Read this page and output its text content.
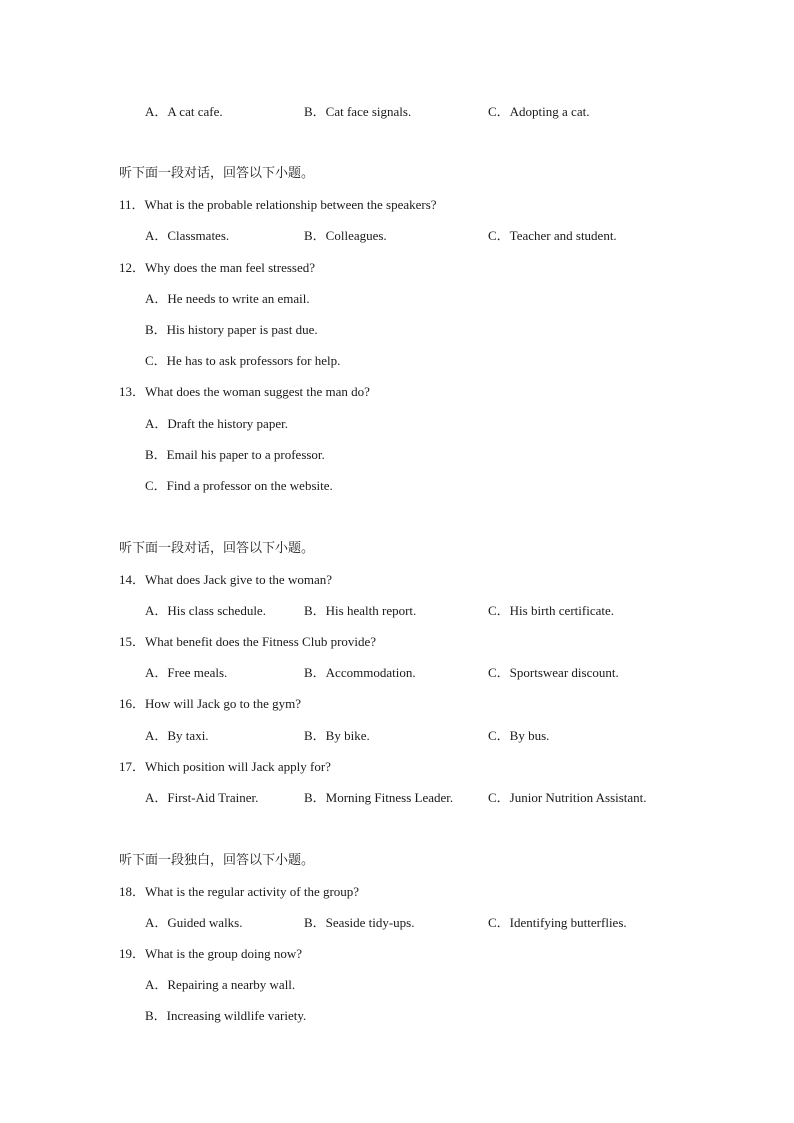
A．A cat cafe.	B．Cat face signals.	C．Adopting a cat.
听下面一段对话，回答以下小题。
11．What is the probable relationship between the speakers?
A．Classmates.	B．Colleagues.	C．Teacher and student.
12．Why does the man feel stressed?
A．He needs to write an email.
B．His history paper is past due.
C．He has to ask professors for help.
13．What does the woman suggest the man do?
A．Draft the history paper.
B．Email his paper to a professor.
C．Find a professor on the website.
听下面一段对话，回答以下小题。
14．What does Jack give to the woman?
A．His class schedule.	B．His health report.	C．His birth certificate.
15．What benefit does the Fitness Club provide?
A．Free meals.	B．Accommodation.	C．Sportswear discount.
16．How will Jack go to the gym?
A．By taxi.	B．By bike.	C．By bus.
17．Which position will Jack apply for?
A．First-Aid Trainer.	B．Morning Fitness Leader.	C．Junior Nutrition Assistant.
听下面一段独白，回答以下小题。
18．What is the regular activity of the group?
A．Guided walks.	B．Seaside tidy-ups.	C．Identifying butterflies.
19．What is the group doing now?
A．Repairing a nearby wall.
B．Increasing wildlife variety.
